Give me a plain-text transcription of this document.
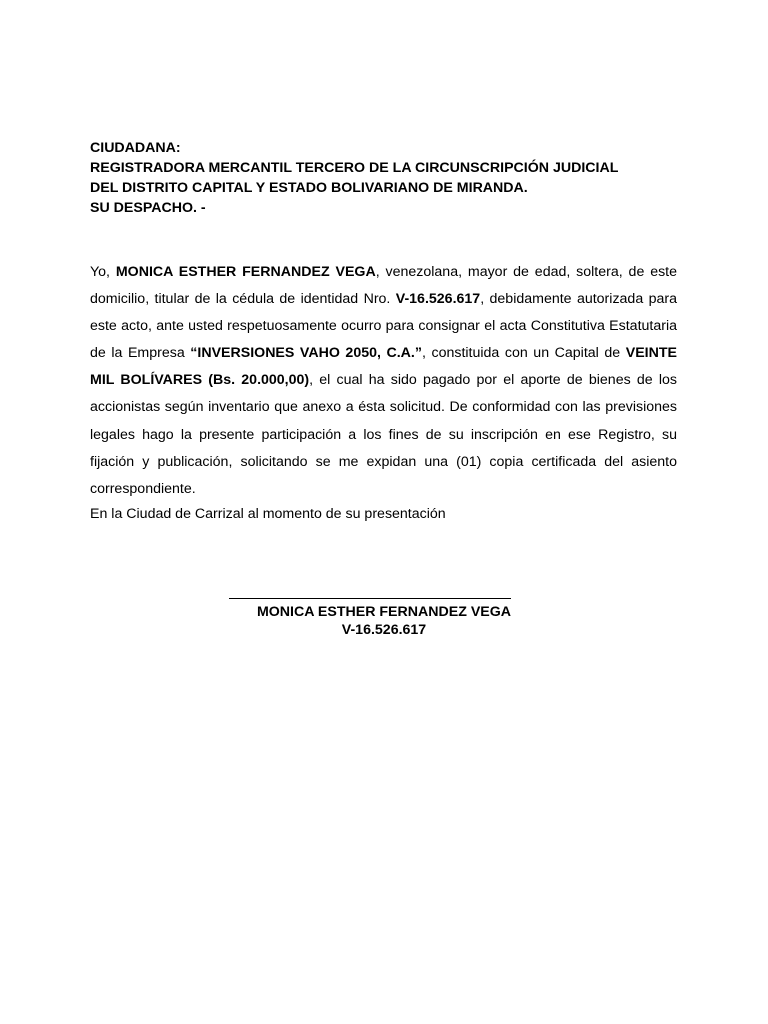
CIUDADANA:
REGISTRADORA MERCANTIL TERCERO DE LA CIRCUNSCRIPCIÓN JUDICIAL
DEL DISTRITO CAPITAL Y ESTADO BOLIVARIANO DE MIRANDA.
SU DESPACHO. -
Yo, MONICA ESTHER FERNANDEZ VEGA, venezolana, mayor de edad, soltera, de este domicilio, titular de la cédula de identidad Nro. V-16.526.617, debidamente autorizada para este acto, ante usted respetuosamente ocurro para consignar el acta Constitutiva Estatutaria de la Empresa “INVERSIONES VAHO 2050, C.A.”, constituida con un Capital de VEINTE MIL BOLÍVARES (Bs. 20.000,00), el cual ha sido pagado por el aporte de bienes de los accionistas según inventario que anexo a ésta solicitud. De conformidad con las previsiones legales hago la presente participación a los fines de su inscripción en ese Registro, su fijación y publicación, solicitando se me expidan una (01) copia certificada del asiento correspondiente.
En la Ciudad de Carrizal al momento de su presentación
MONICA ESTHER FERNANDEZ VEGA
V-16.526.617
